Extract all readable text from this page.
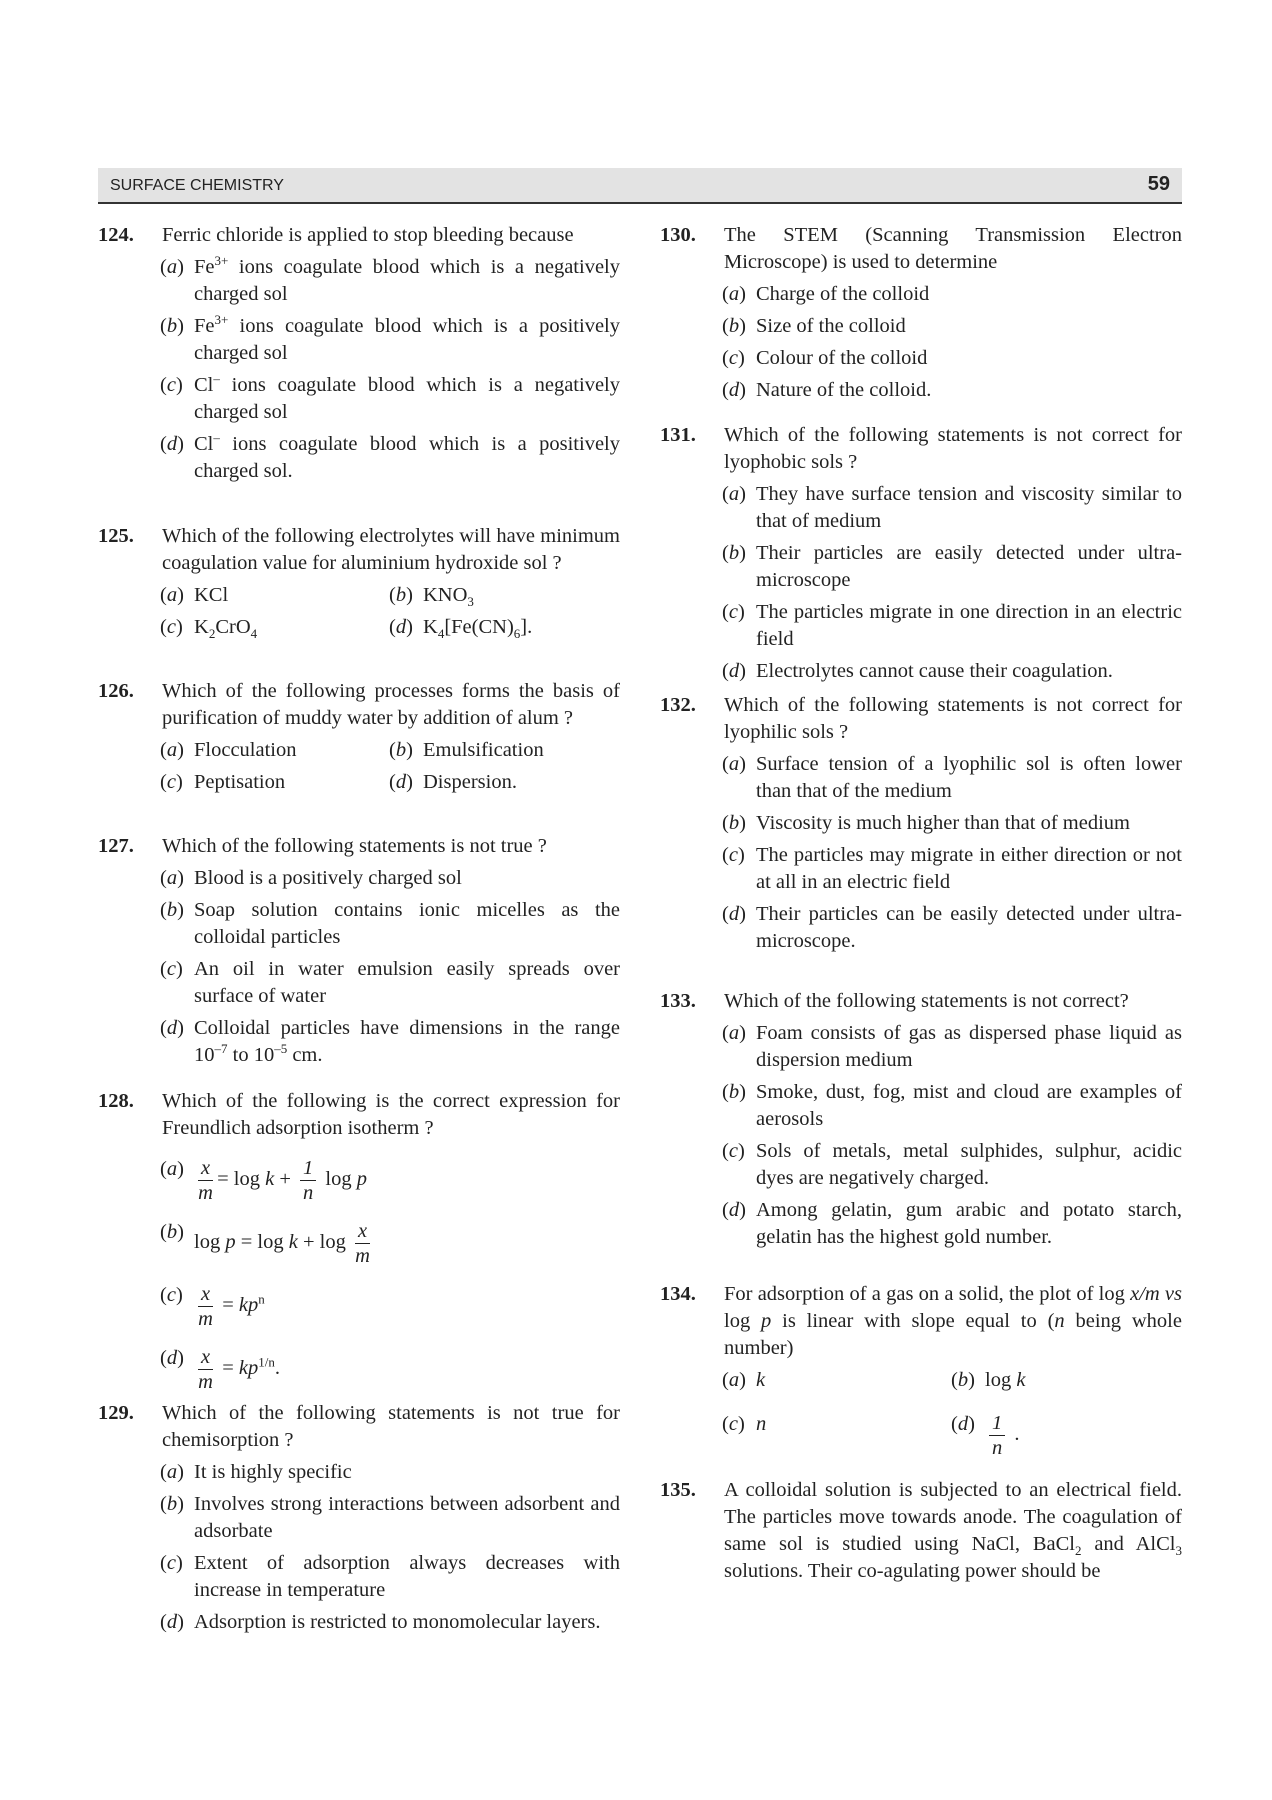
SURFACE CHEMISTRY	59
124. Ferric chloride is applied to stop bleeding because
(a) $Fe^{3+}$ ions coagulate blood which is a negatively charged sol
(b) $Fe^{3+}$ ions coagulate blood which is a positively charged sol
(c) Cl– ions coagulate blood which is a negatively charged sol
(d) Cl– ions coagulate blood which is a positively charged sol.
125. Which of the following electrolytes will have minimum coagulation value for aluminium hydroxide sol ?
(a) KCl	(b) $KNO_3$
(c) $K_2CrO_4$	(d) $K_4[Fe(CN)_6]$.
126. Which of the following processes forms the basis of purification of muddy water by addition of alum ?
(a) Flocculation	(b) Emulsification
(c) Peptisation	(d) Dispersion.
127. Which of the following statements is not true ?
(a) Blood is a positively charged sol
(b) Soap solution contains ionic micelles as the colloidal particles
(c) An oil in water emulsion easily spreads over surface of water
(d) Colloidal particles have dimensions in the range $10^{-7}$ to $10^{-5}$ cm.
128. Which of the following is the correct expression for Freundlich adsorption isotherm ?
$(a) \frac{x}{m} = \log k + \frac{1}{n}$ log p
(b) $\log p = \log k + \log \frac{x}{m}$
$(c) \frac{x}{m} = kp^n$
$(d) \frac{x}{m} = kp^{1/n}$.
129. Which of the following statements is not true for chemisorption ?
(a) It is highly specific
(b) Involves strong interactions between adsorbent and adsorbate
(c) Extent of adsorption always decreases with increase in temperature
(d) Adsorption is restricted to monomolecular layers.
130. The STEM (Scanning Transmission Electron Microscope) is used to determine
(a) Charge of the colloid
(b) Size of the colloid
(c) Colour of the colloid
(d) Nature of the colloid.
131. Which of the following statements is not correct for lyophobic sols ?
(a) They have surface tension and viscosity similar to that of medium
(b) Their particles are easily detected under ultra-microscope
(c) The particles migrate in one direction in an electric field
(d) Electrolytes cannot cause their coagulation.
132. Which of the following statements is not correct for lyophilic sols ?
(a) Surface tension of a lyophilic sol is often lower than that of the medium
(b) Viscosity is much higher than that of medium
(c) The particles may migrate in either direction or not at all in an electric field
(d) Their particles can be easily detected under ultra-microscope.
133. Which of the following statements is not correct?
(a) Foam consists of gas as dispersed phase liquid as dispersion medium
(b) Smoke, dust, fog, mist and cloud are examples of aerosols
(c) Sols of metals, metal sulphides, sulphur, acidic dyes are negatively charged.
(d) Among gelatin, gum arabic and potato starch, gelatin has the highest gold number.
134. For adsorption of a gas on a solid, the plot of log x/m vs log p is linear with slope equal to (n being whole number)
(a) k	(b) log k
(c) n	$(d) \frac{1}{n}$ .
135. A colloidal solution is subjected to an electrical field. The particles move towards anode. The coagulation of same sol is studied using NaCl, BaCl$_2$ and AlCl$_3$ solutions. Their co-agulating power should be
